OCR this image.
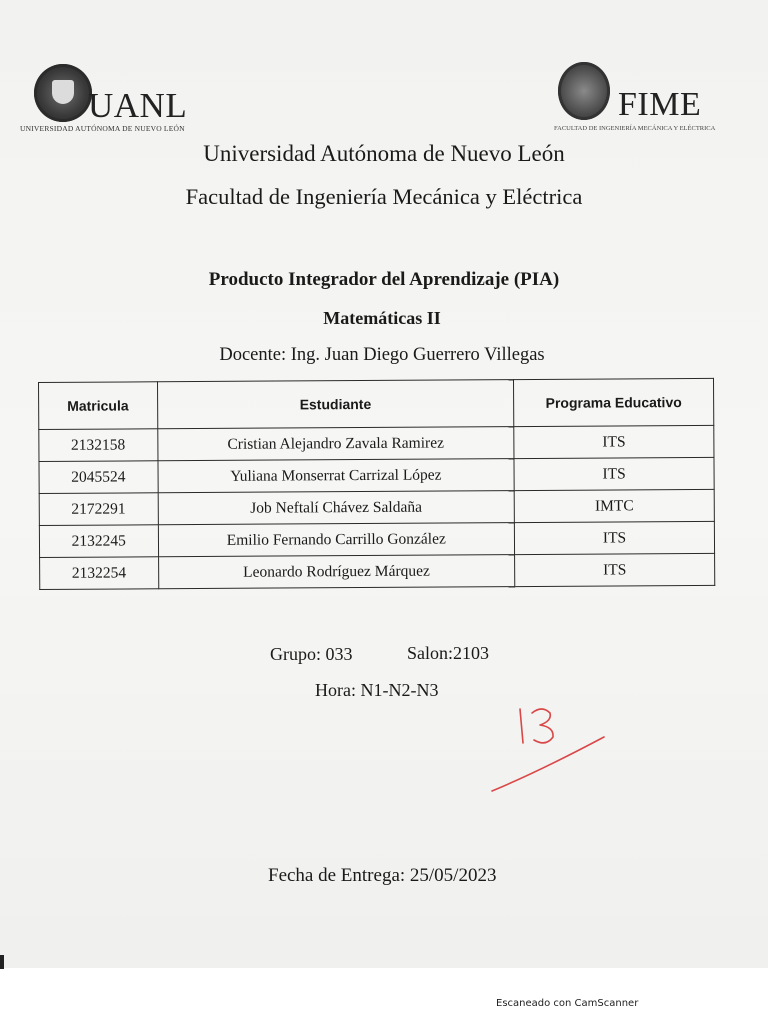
UANL
UNIVERSIDAD AUTÓNOMA DE NUEVO LEÓN
FIME
FACULTAD DE INGENIERÍA MECÁNICA Y ELÉCTRICA
Universidad Autónoma de Nuevo León
Facultad de Ingeniería Mecánica y Eléctrica
Producto Integrador del Aprendizaje (PIA)
Matemáticas II
Docente: Ing. Juan Diego Guerrero Villegas
Matricula	Estudiante	Programa Educativo
2132158	Cristian Alejandro Zavala Ramirez	ITS
2045524	Yuliana Monserrat Carrizal López	ITS
2172291	Job Neftalí Chávez Saldaña	IMTC
2132245	Emilio Fernando Carrillo González	ITS
2132254	Leonardo Rodríguez Márquez	ITS
Grupo: 033	Salon:2103
Hora: N1-N2-N3
Fecha de Entrega: 25/05/2023
Escaneado con CamScanner
